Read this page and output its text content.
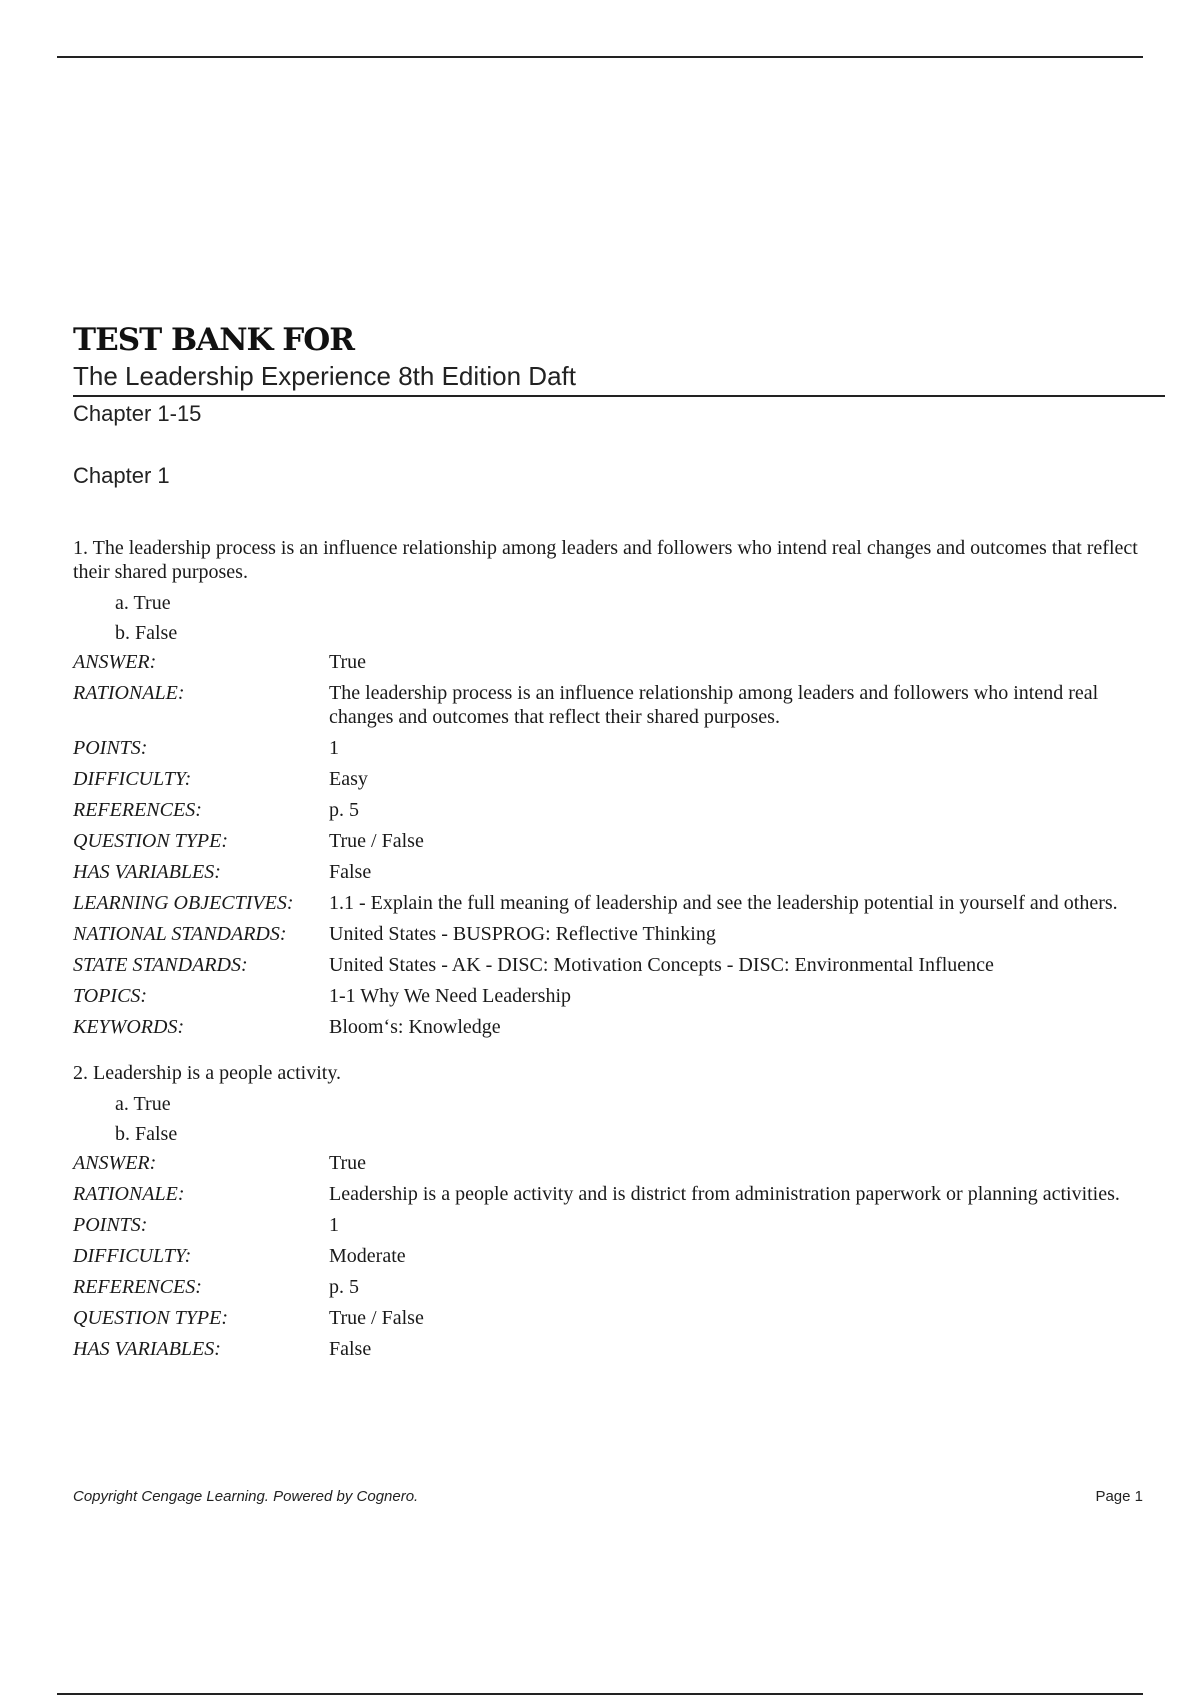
TEST BANK FOR
The Leadership Experience 8th Edition Daft
Chapter 1-15
Chapter 1
1. The leadership process is an influence relationship among leaders and followers who intend real changes and outcomes that reflect their shared purposes.
a. True
b. False
ANSWER:	True
RATIONALE:	The leadership process is an influence relationship among leaders and followers who intend real changes and outcomes that reflect their shared purposes.
POINTS:	1
DIFFICULTY:	Easy
REFERENCES:	p. 5
QUESTION TYPE:	True / False
HAS VARIABLES:	False
LEARNING OBJECTIVES:	1.1 - Explain the full meaning of leadership and see the leadership potential in yourself and others.
NATIONAL STANDARDS:	United States - BUSPROG: Reflective Thinking
STATE STANDARDS:	United States - AK - DISC: Motivation Concepts - DISC: Environmental Influence
TOPICS:	1-1 Why We Need Leadership
KEYWORDS:	Bloom‘s: Knowledge
2. Leadership is a people activity.
a. True
b. False
ANSWER:	True
RATIONALE:	Leadership is a people activity and is district from administration paperwork or planning activities.
POINTS:	1
DIFFICULTY:	Moderate
REFERENCES:	p. 5
QUESTION TYPE:	True / False
HAS VARIABLES:	False
Copyright Cengage Learning. Powered by Cognero.	Page 1
